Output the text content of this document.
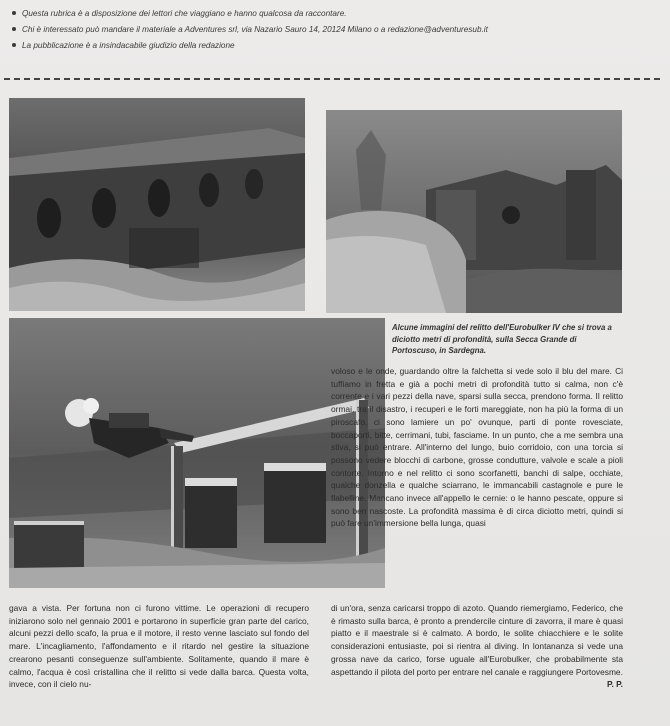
Questa rubrica è a disposizione dei lettori che viaggiano e hanno qualcosa da raccontare.
Chi è interessato può mandare il materiale a Adventures srl, via Nazario Sauro 14, 20124 Milano o a redazione@adventuresub.it
La pubblicazione è a insindacabile giudizio della redazione
Alcune immagini del relitto dell'Eurobulker IV che si trova a diciotto metri di profondità, sulla Secca Grande di Portoscuso, in Sardegna.

voloso e le onde, guardando oltre la falchetta si vede solo il blu del mare. Ci tuffiamo in fretta e già a pochi metri di profondità tutto si calma, non c'è corrente e i vari pezzi della nave, sparsi sulla secca, prendono forma. Il relitto ormai, tra il disastro, i recuperi e le forti mareggiate, non ha più la forma di un piroscafo, ci sono lamiere un po' ovunque, parti di ponte rovesciate, boccaporti, bitte, cerrimani, tubi, fasciame. In un punto, che a me sembra una stiva, si può entrare. All'interno del lungo, buio corridoio, con una torcia si possono vedere blocchi di carbone, grosse condutture, valvole e scale a pioli contorte. Intorno e nel relitto ci sono scorfanetti, banchi di salpe, occhiate, qualche donzella e qualche sciarrano, le immancabili castagnole e pure le flabelline. Mancano invece all'appello le cernie: o le hanno pescate, oppure si sono ben nascoste. La profondità massima è di circa diciotto metri, quindi si può fare un'immersione bella lunga, quasi

gava a vista. Per fortuna non ci furono vittime. Le operazioni di recupero iniziarono solo nel gennaio 2001 e portarono in superficie gran parte del carico, alcuni pezzi dello scafo, la prua e il motore, il resto venne lasciato sul fondo del mare. L'incagliamento, l'affondamento e il ritardo nel gestire la situazione crearono pesanti conseguenze sull'ambiente. Solitamente, quando il mare è calmo, l'acqua è così cristallina che il relitto si vede dalla barca. Questa volta, invece, con il cielo nu-

di un'ora, senza caricarsi troppo di azoto. Quando riemergiamo, Federico, che è rimasto sulla barca, è pronto a prendercile cinture di zavorra, il mare è quasi piatto e il maestrale si è calmato. A bordo, le solite chiacchiere e le solite considerazioni entusiaste, poi si rientra al diving. In lontananza si vede una grossa nave da carico, forse uguale all'Eurobulker, che probabilmente sta aspettando il pilota del porto per entrare nel canale e raggiungere Portovesme.
P. P.
